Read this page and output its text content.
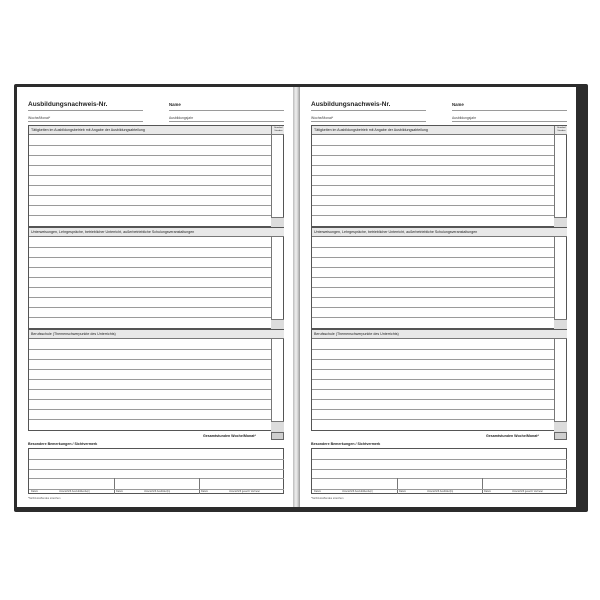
Ausbildungsnachweis-Nr.	Name
Woche/Monat*	Ausbildungsjahr
Tätigkeiten im Ausbildungsbetrieb mit Angabe der Ausbildungsabteilung	Stunden/ Stunden
Unterweisungen, Lehrgespräche, betrieblicher Unterricht, außerbetriebliche Schulungsveranstaltungen
Berufsschule (Themenschwerpunkte des Unterrichts)
Gesamtstunden Woche/Monat*
Besondere Bemerkungen / Sichtvermerk
Datum	Unterschrift Auszubildende(r)	Datum	Unterschrift Ausbilder(in)	Datum	Unterschrift gesetzl. Vertreter
*Nichtzutreffendes streichen
Ausbildungsnachweis-Nr.	Name
Woche/Monat*	Ausbildungsjahr
Tätigkeiten im Ausbildungsbetrieb mit Angabe der Ausbildungsabteilung	Stunden/ Stunden
Unterweisungen, Lehrgespräche, betrieblicher Unterricht, außerbetriebliche Schulungsveranstaltungen
Berufsschule (Themenschwerpunkte des Unterrichts)
Gesamtstunden Woche/Monat*
Besondere Bemerkungen / Sichtvermerk
Datum	Unterschrift Auszubildende(r)	Datum	Unterschrift Ausbilder(in)	Datum	Unterschrift gesetzl. Vertreter
*Nichtzutreffendes streichen
